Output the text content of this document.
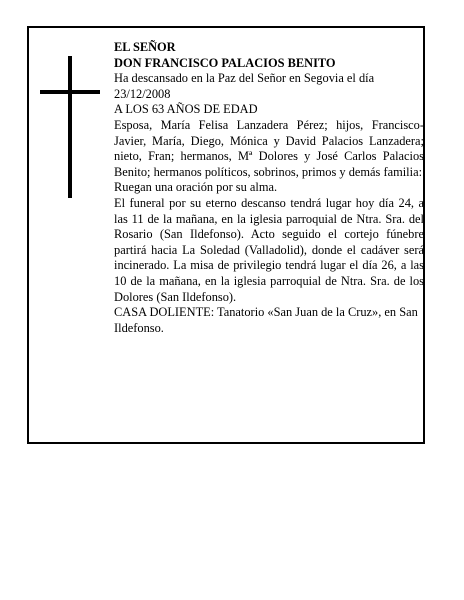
EL SEÑOR

DON FRANCISCO PALACIOS BENITO

Ha descansado en la Paz del Señor en Segovia el día 23/12/2008

A LOS 63 AÑOS DE EDAD

Esposa, María Felisa Lanzadera Pérez; hijos, Francisco-Javier, María, Diego, Mónica y David Palacios Lanzadera; nieto, Fran; hermanos, Mª Dolores y José Carlos Palacios Benito; hermanos políticos, sobrinos, primos y demás familia:

Ruegan una oración por su alma.

El funeral por su eterno descanso tendrá lugar hoy día 24, a las 11 de la mañana, en la iglesia parroquial de Ntra. Sra. del Rosario (San Ildefonso). Acto seguido el cortejo fúnebre partirá hacia La Soledad (Valladolid), donde el cadáver será incinerado. La misa de privilegio tendrá lugar el día 26, a las 10 de la mañana, en la iglesia parroquial de Ntra. Sra. de los Dolores (San Ildefonso).

CASA DOLIENTE: Tanatorio «San Juan de la Cruz», en San Ildefonso.
